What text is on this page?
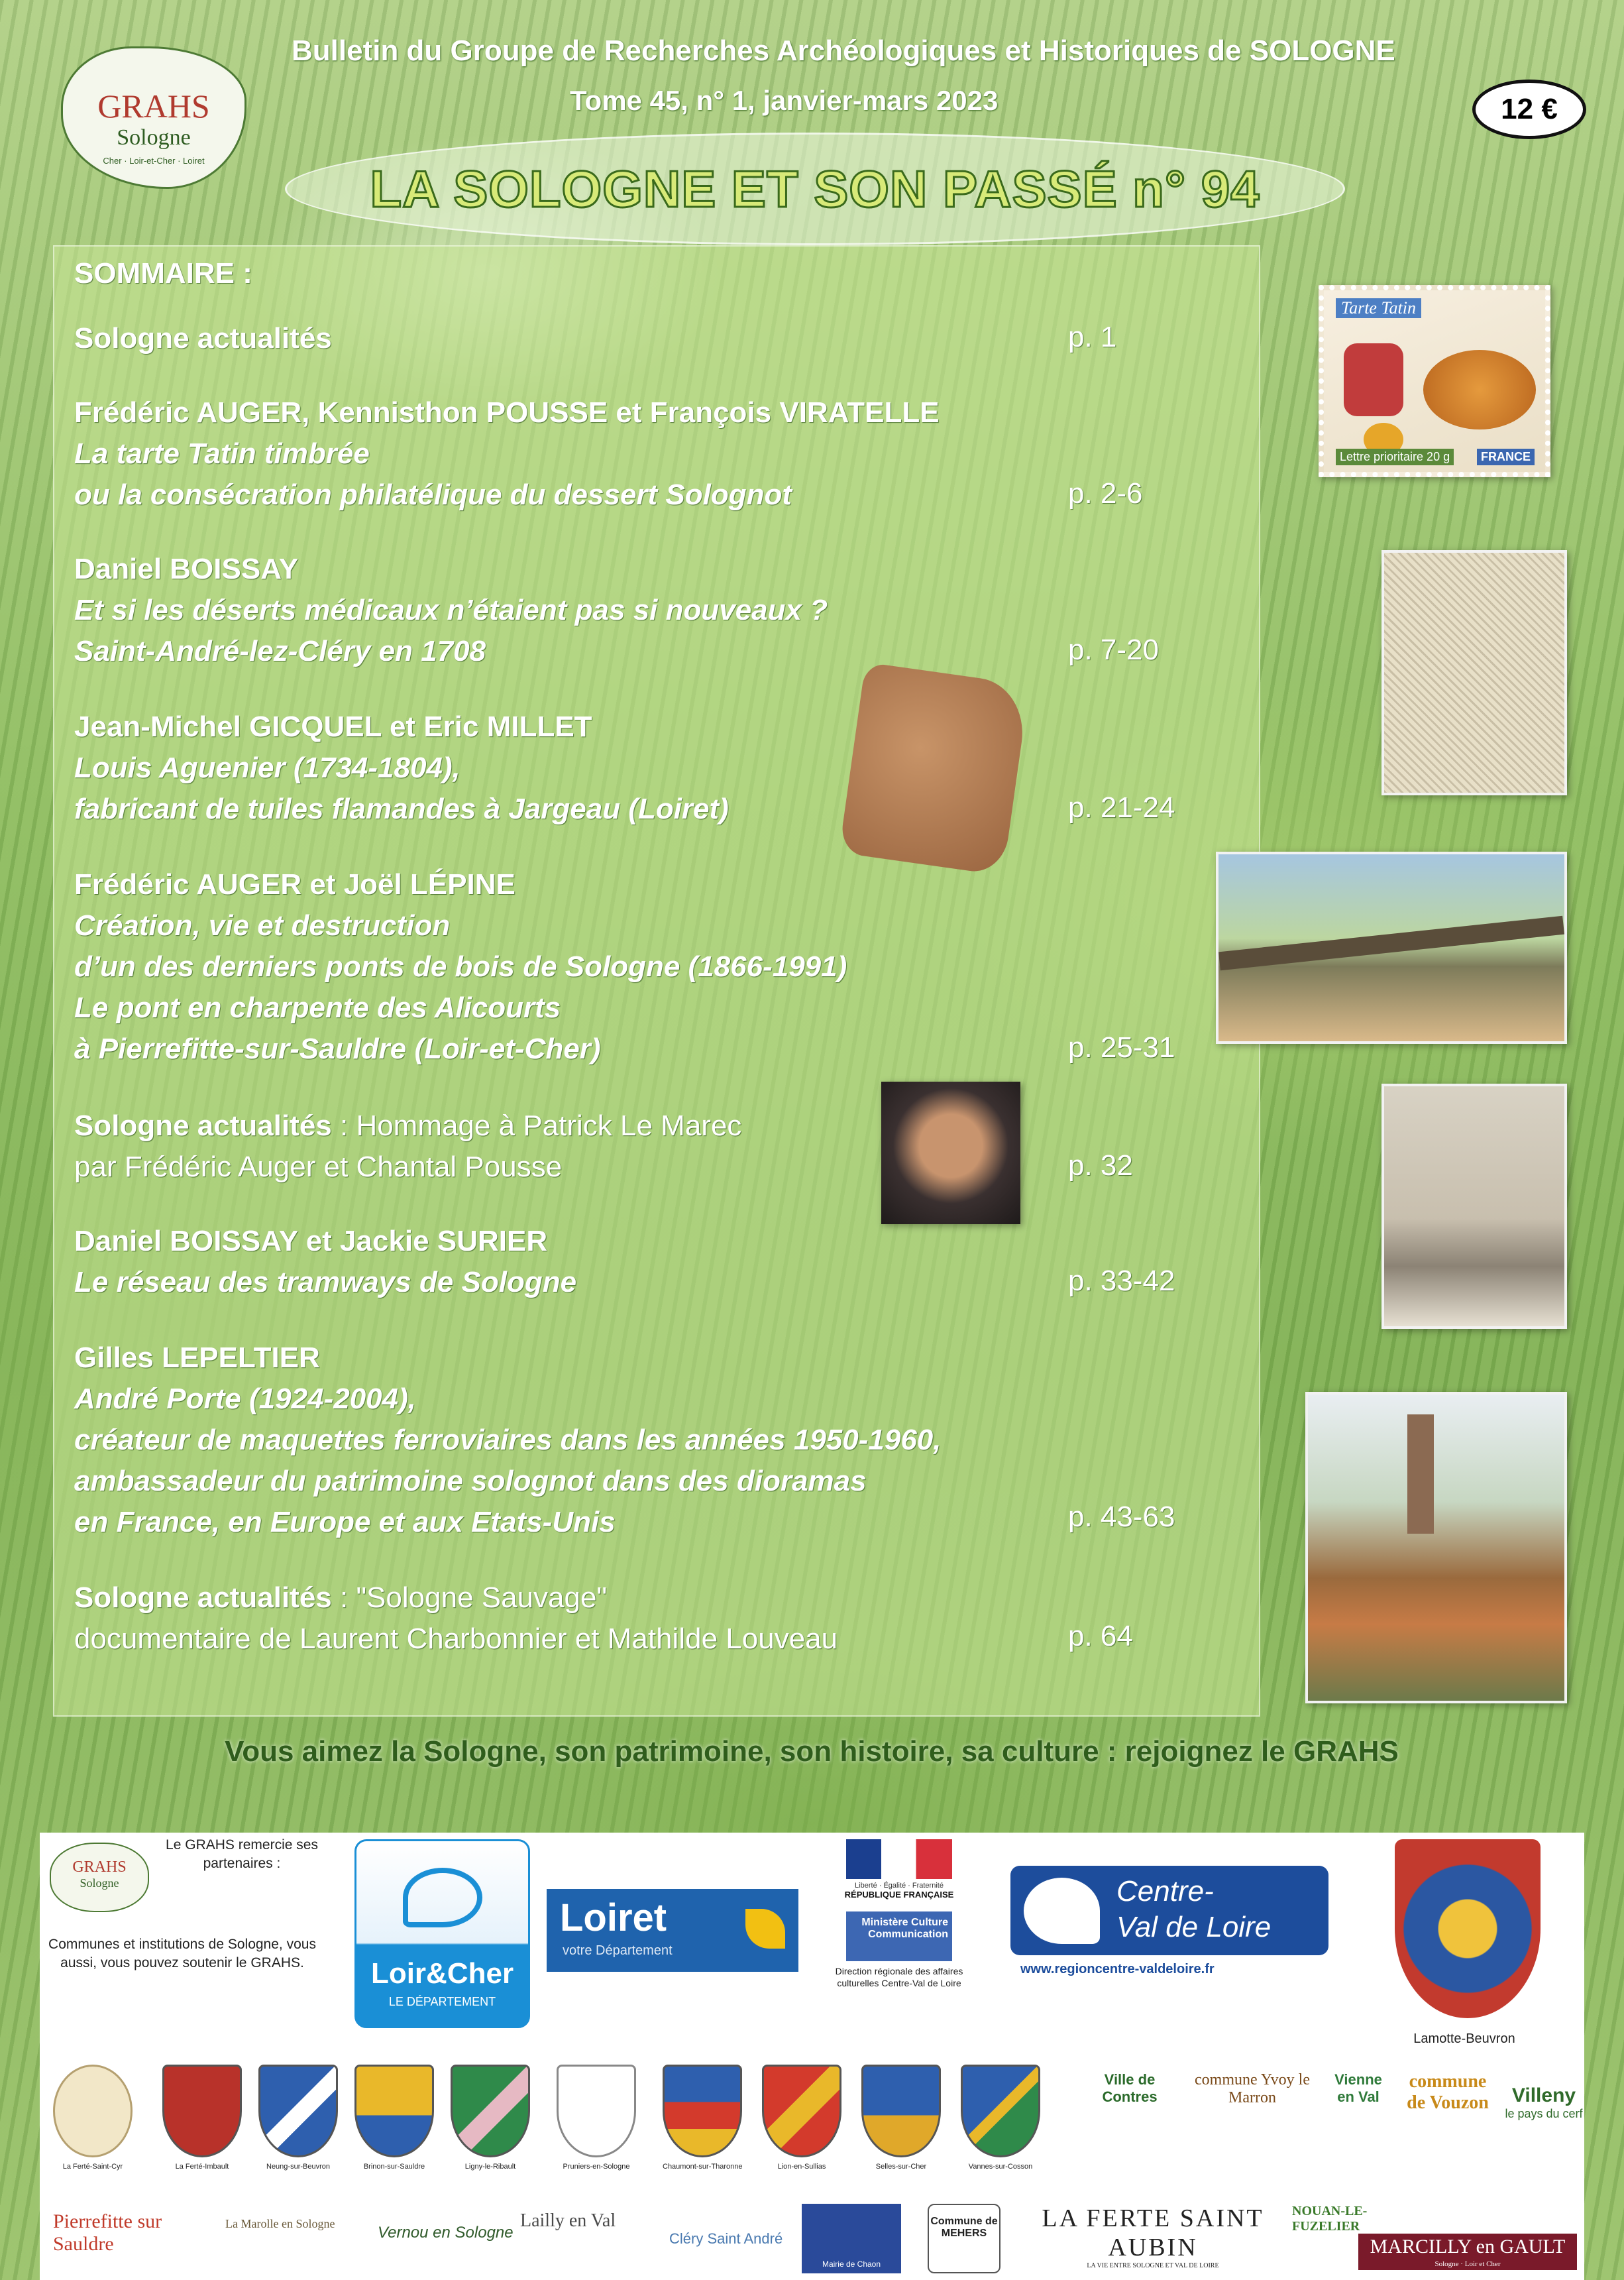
GRAHS
Sologne
Cher · Loir-et-Cher · Loiret
Bulletin du Groupe de Recherches Archéologiques et Historiques de SOLOGNE
Tome 45, n° 1, janvier-mars 2023	12 €
LA SOLOGNE ET SON PASSÉ n° 94
SOMMAIRE :
Sologne actualités	p. 1
Frédéric AUGER, Kennisthon POUSSE et François VIRATELLE
La tarte Tatin timbrée
ou la consécration philatélique du dessert Solognot	p. 2-6
Daniel BOISSAY
Et si les déserts médicaux n’étaient pas si nouveaux ?
Saint-André-lez-Cléry en 1708	p. 7-20
Jean-Michel GICQUEL et Eric MILLET
Louis Aguenier (1734-1804),
fabricant de tuiles flamandes à Jargeau (Loiret)	p. 21-24
Frédéric AUGER et Joël LÉPINE
Création, vie et destruction
d’un des derniers ponts de bois de Sologne (1866-1991)
Le pont en charpente des Alicourts
à Pierrefitte-sur-Sauldre (Loir-et-Cher)	p. 25-31
Sologne actualités : Hommage à Patrick Le Marec
par Frédéric Auger et Chantal Pousse	p. 32
Daniel BOISSAY et Jackie SURIER
Le réseau des tramways de Sologne	p. 33-42
Gilles LEPELTIER
André Porte (1924-2004),
créateur de maquettes ferroviaires dans les années 1950-1960,
ambassadeur du patrimoine solognot dans des dioramas
en France, en Europe et aux Etats-Unis	p. 43-63
Sologne actualités : "Sologne Sauvage"
documentaire de Laurent Charbonnier et Mathilde Louveau	p. 64
Tarte Tatin
Lettre prioritaire 20 g	FRANCE
Vous aimez la Sologne, son patrimoine, son histoire, sa culture : rejoignez le GRAHS
GRAHS
Sologne
Le GRAHS remercie ses partenaires :
Communes et institutions de Sologne, vous aussi, vous pouvez soutenir le GRAHS.	Loir&Cher
LE DÉPARTEMENT
Loiret
votre Département
Liberté · Égalité · Fraternité
RÉPUBLIQUE FRANÇAISE
Ministère Culture Communication
Direction régionale des affaires culturelles Centre-Val de Loire
Centre-
Val de Loire
www.regioncentre-valdeloire.fr
Lamotte-Beuvron
La Ferté-Saint-Cyr	La Ferté-Imbault	Neung-sur-Beuvron	Brinon-sur-Sauldre	Ligny-le-Ribault	Pruniers-en-Sologne	Chaumont-sur-Tharonne	Lion-en-Sullias	Selles-sur-Cher	Vannes-sur-Cosson
Ville de Contres
commune Yvoy le Marron
Vienne en Val
commune de Vouzon	Villeny
le pays du cerf
Pierrefitte sur Sauldre
La Marolle en Sologne	Vernou en Sologne
Lailly en Val
Cléry Saint André
Mairie de Chaon
Commune de MEHERS
LA FERTE SAINT AUBIN
LA VIE ENTRE SOLOGNE ET VAL DE LOIRE
NOUAN-LE-FUZELIER
MARCILLY en GAULT
Sologne · Loir et Cher
